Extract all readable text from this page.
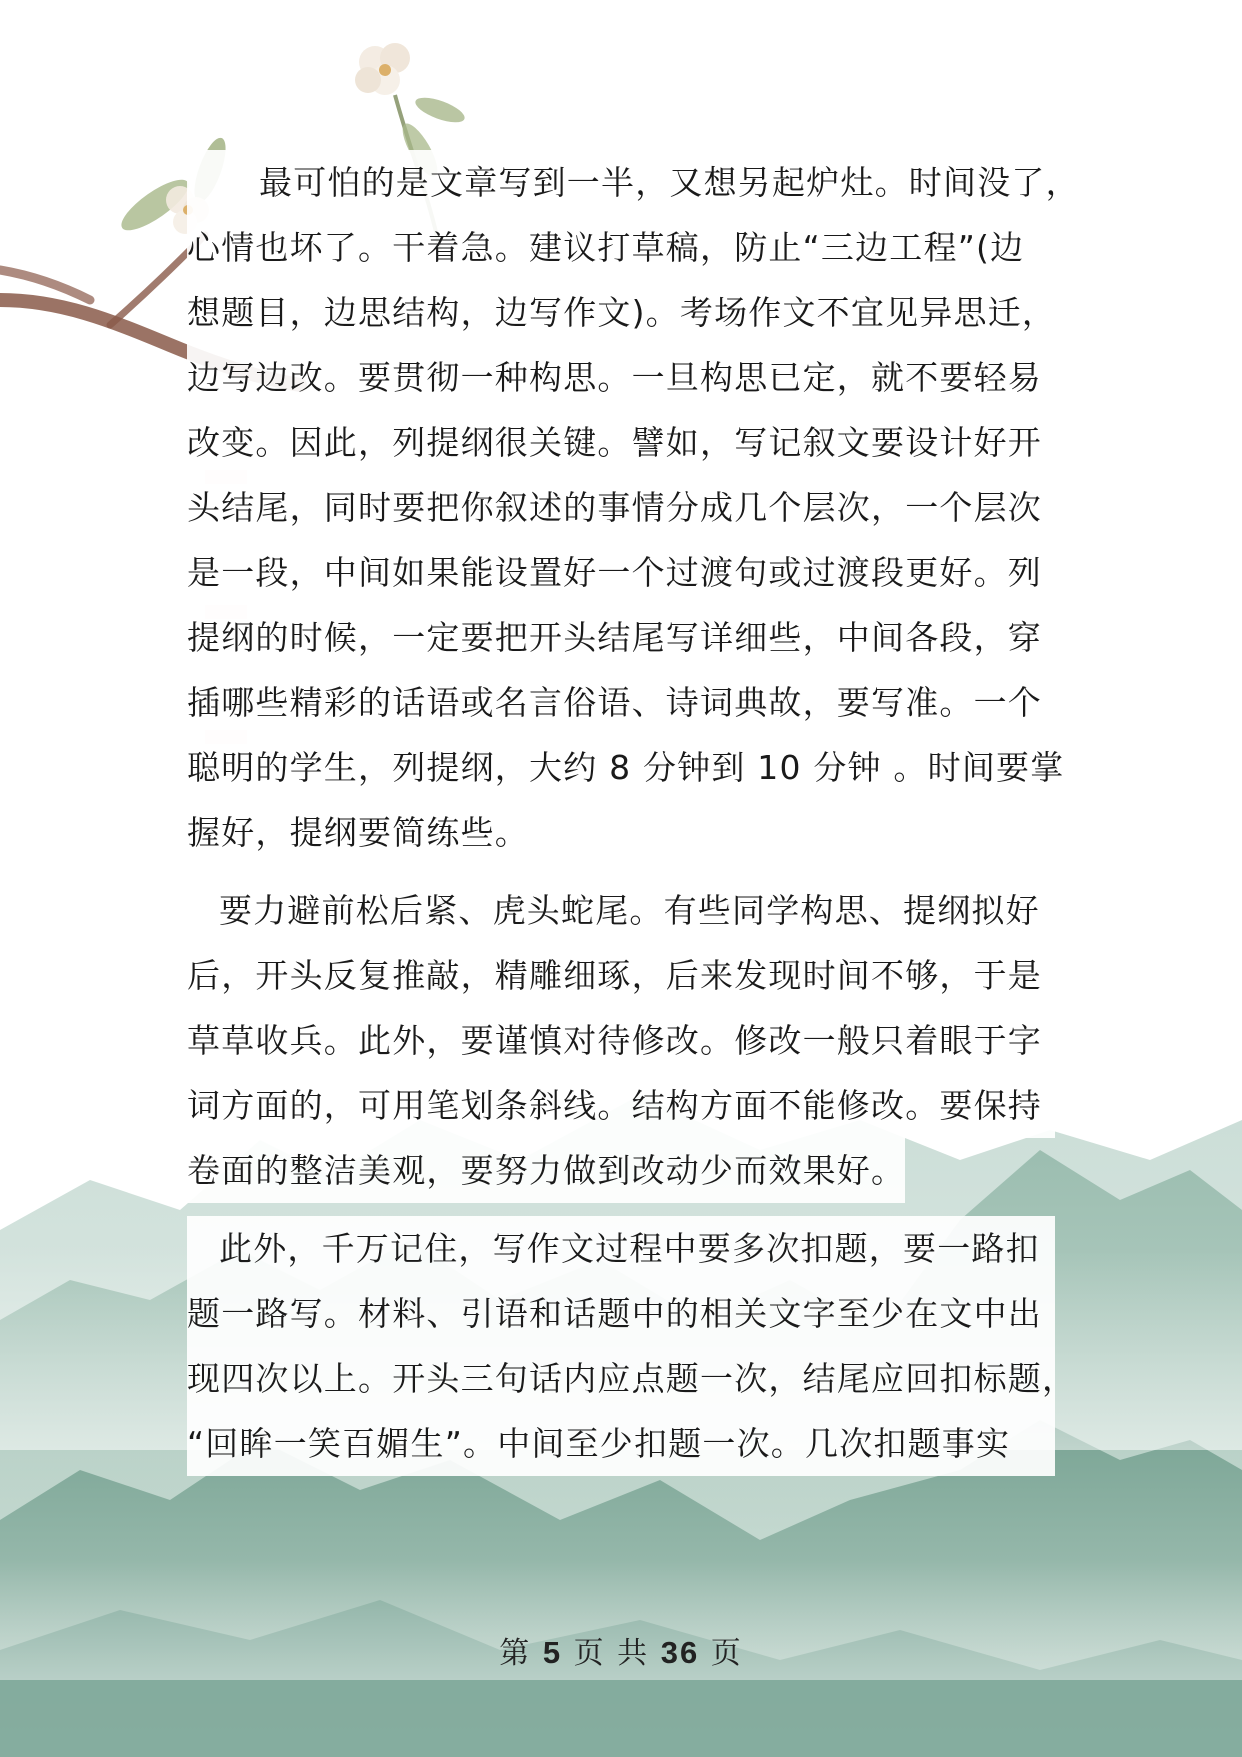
最可怕的是文章写到一半，又想另起炉灶。时间没了，
心情也坏了。干着急。建议打草稿，防止“三边工程”(边
想题目，边思结构，边写作文)。考场作文不宜见异思迁，
边写边改。要贯彻一种构思。一旦构思已定，就不要轻易
改变。因此，列提纲很关键。譬如，写记叙文要设计好开
头结尾，同时要把你叙述的事情分成几个层次，一个层次
是一段，中间如果能设置好一个过渡句或过渡段更好。列
提纲的时候，一定要把开头结尾写详细些，中间各段，穿
插哪些精彩的话语或名言俗语、诗词典故，要写准。一个
聪明的学生，列提纲，大约 8 分钟到 10 分钟 。时间要掌
握好，提纲要简练些。
要力避前松后紧、虎头蛇尾。有些同学构思、提纲拟好
后，开头反复推敲，精雕细琢，后来发现时间不够，于是
草草收兵。此外，要谨慎对待修改。修改一般只着眼于字
词方面的，可用笔划条斜线。结构方面不能修改。要保持
卷面的整洁美观，要努力做到改动少而效果好。
此外，千万记住，写作文过程中要多次扣题，要一路扣
题一路写。材料、引语和话题中的相关文字至少在文中出
现四次以上。开头三句话内应点题一次，结尾应回扣标题，
“回眸一笑百媚生”。中间至少扣题一次。几次扣题事实
第 5 页 共 36 页
